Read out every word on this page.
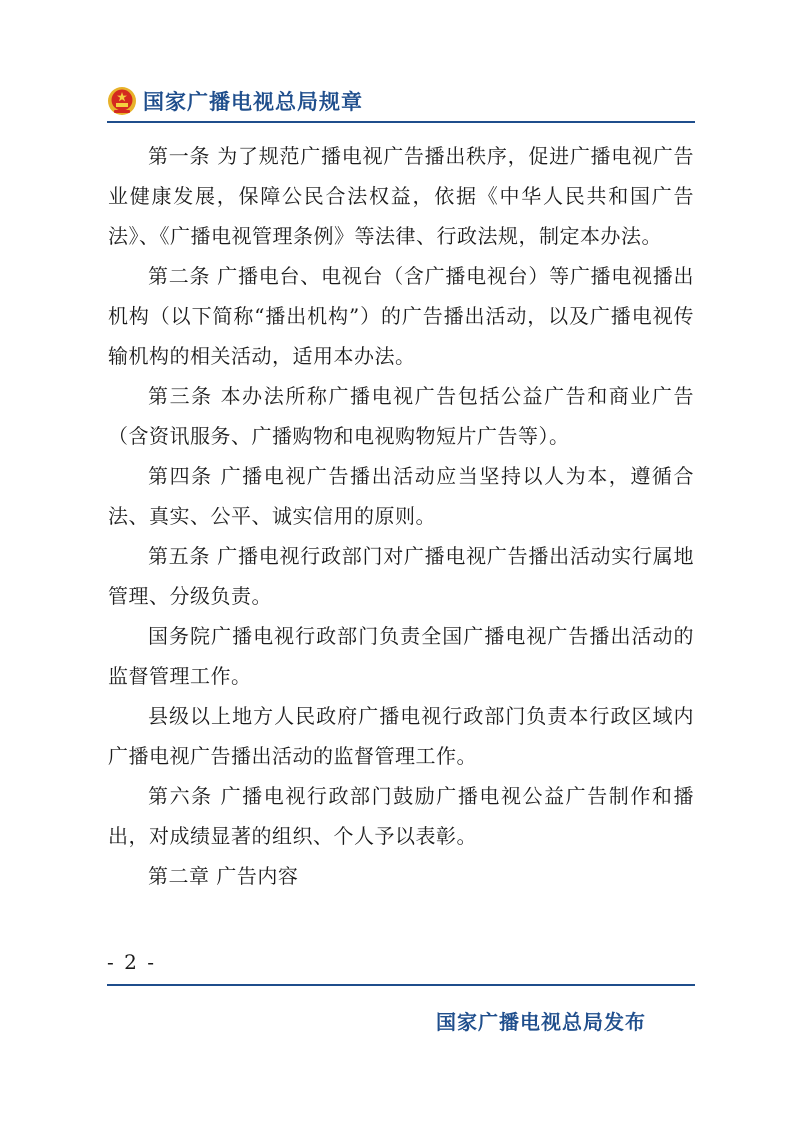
国家广播电视总局规章

第一条 为了规范广播电视广告播出秩序，促进广播电视广告业健康发展，保障公民合法权益，依据《中华人民共和国广告法》、《广播电视管理条例》等法律、行政法规，制定本办法。

第二条 广播电台、电视台（含广播电视台）等广播电视播出机构（以下简称“播出机构”）的广告播出活动，以及广播电视传输机构的相关活动，适用本办法。

第三条 本办法所称广播电视广告包括公益广告和商业广告（含资讯服务、广播购物和电视购物短片广告等）。

第四条 广播电视广告播出活动应当坚持以人为本，遵循合法、真实、公平、诚实信用的原则。

第五条 广播电视行政部门对广播电视广告播出活动实行属地管理、分级负责。

国务院广播电视行政部门负责全国广播电视广告播出活动的监督管理工作。

县级以上地方人民政府广播电视行政部门负责本行政区域内广播电视广告播出活动的监督管理工作。

第六条 广播电视行政部门鼓励广播电视公益广告制作和播出，对成绩显著的组织、个人予以表彰。

第二章 广告内容

- 2 -
国家广播电视总局发布
